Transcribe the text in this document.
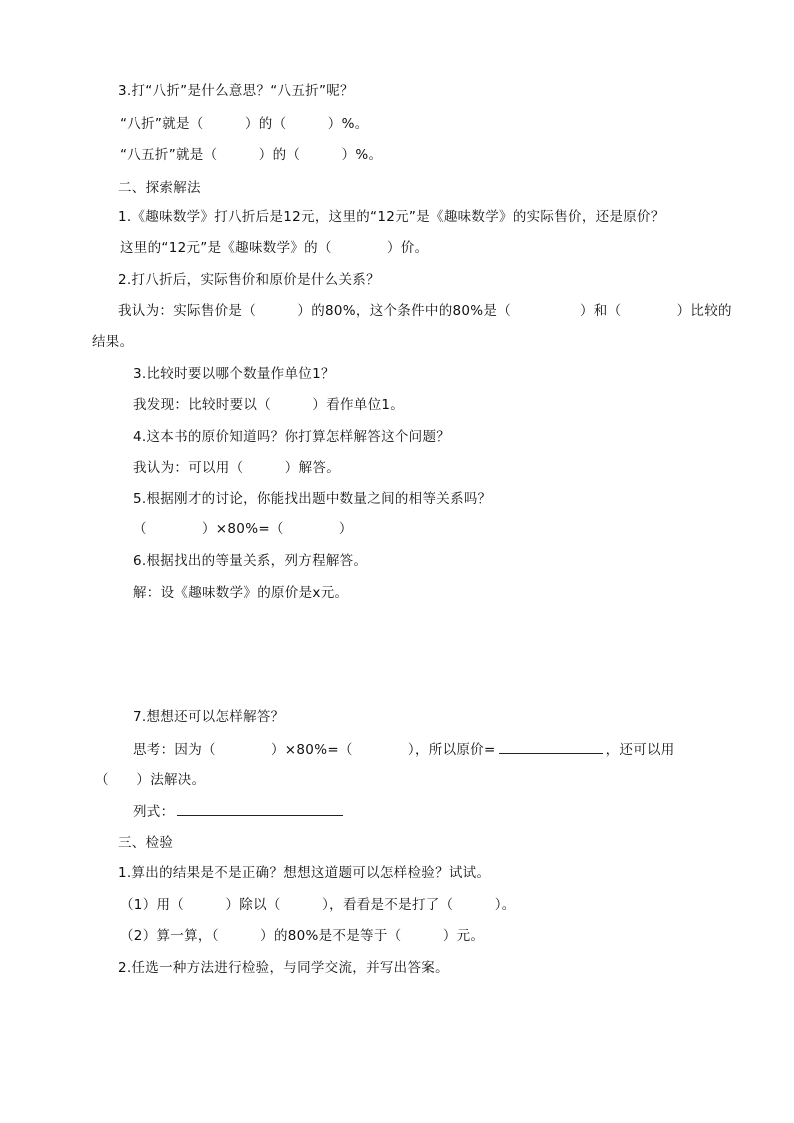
3.打“八折”是什么意思？“八五折”呢？
“八折”就是（　　　）的（　　　）%。
“八五折”就是（　　　）的（　　　）%。
二、探索解法
1.《趣味数学》打八折后是12元，这里的“12元”是《趣味数学》的实际售价，还是原价？
这里的“12元”是《趣味数学》的（　　　　）价。
2.打八折后，实际售价和原价是什么关系？
我认为：实际售价是（　　　）的80%，这个条件中的80%是（　　　　　）和（　　　　）比较的
结果。
3.比较时要以哪个数量作单位1？
我发现：比较时要以（　　　）看作单位1。
4.这本书的原价知道吗？你打算怎样解答这个问题？
我认为：可以用（　　　）解答。
5.根据刚才的讨论，你能找出题中数量之间的相等关系吗？
（　　　　）×80%=（　　　　）
6.根据找出的等量关系，列方程解答。
解：设《趣味数学》的原价是x元。
7.想想还可以怎样解答？
思考：因为（　　　　）×80%=（　　　　），所以原价=	，还可以用
（　　）法解决。
列式：
三、检验
1.算出的结果是不是正确？想想这道题可以怎样检验？试试。
（1）用（　　　）除以（　　　），看看是不是打了（　　　）。
（2）算一算，（　　　）的80%是不是等于（　　　）元。
2.任选一种方法进行检验，与同学交流，并写出答案。
